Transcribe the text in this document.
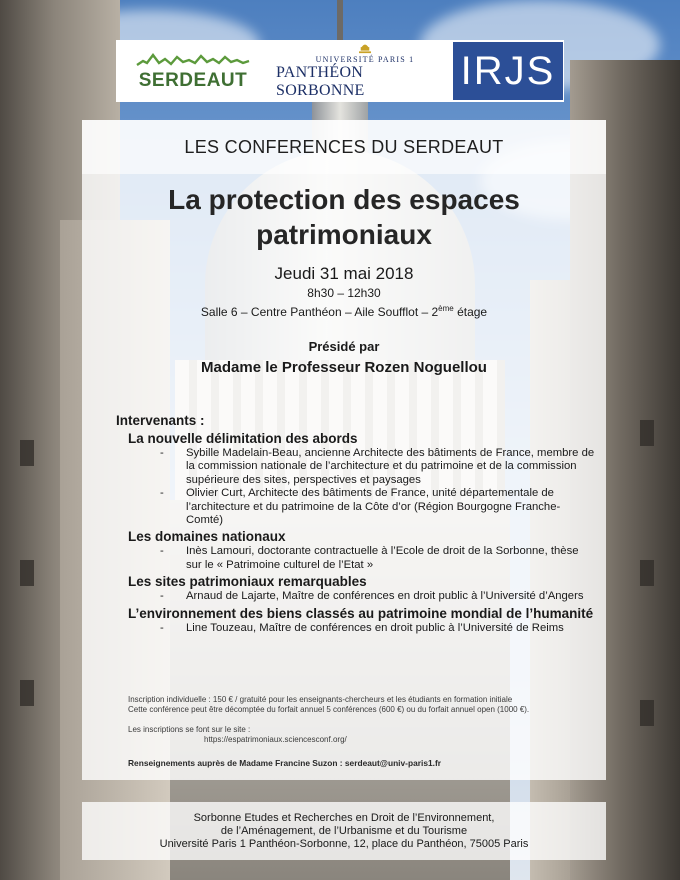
SERDEAUT
UNIVERSITÉ PARIS 1
PANTHÉON SORBONNE	IRJS
LES CONFERENCES DU SERDEAUT
La protection des espaces
patrimoniaux
Jeudi 31 mai 2018
8h30 – 12h30
Salle 6 – Centre Panthéon – Aile Soufflot – 2ème étage
Présidé par
Madame le Professeur Rozen Noguellou
Intervenants :
La nouvelle délimitation des abords
-	Sybille Madelain-Beau, ancienne Architecte des bâtiments de France, membre de la commission nationale de l’architecture et du patrimoine et de la commission supérieure des sites, perspectives et paysages
-	Olivier Curt, Architecte des bâtiments de France, unité départementale de l’architecture et du patrimoine de la Côte d’or (Région Bourgogne Franche-Comté)
Les domaines nationaux
-	Inès Lamouri, doctorante contractuelle à l’Ecole de droit de la Sorbonne, thèse sur le « Patrimoine culturel de l’Etat »
Les sites patrimoniaux remarquables
-	Arnaud de Lajarte, Maître de conférences en droit public à l’Université d’Angers
L’environnement des biens classés au patrimoine mondial de l’humanité
-	Line Touzeau, Maître de conférences en droit public à l’Université de Reims
Inscription individuelle : 150 € / gratuité pour les enseignants-chercheurs et les étudiants en formation initiale
Cette conférence peut être décomptée du forfait annuel 5 conférences (600 €) ou du forfait annuel open (1000 €).
Les inscriptions se font sur le site :
https://espatrimoniaux.sciencesconf.org/
Renseignements auprès de Madame Francine Suzon : serdeaut@univ-paris1.fr
Sorbonne Etudes et Recherches en Droit de l’Environnement,
de l’Aménagement, de l’Urbanisme et du Tourisme
Université Paris 1 Panthéon-Sorbonne, 12, place du Panthéon, 75005 Paris
